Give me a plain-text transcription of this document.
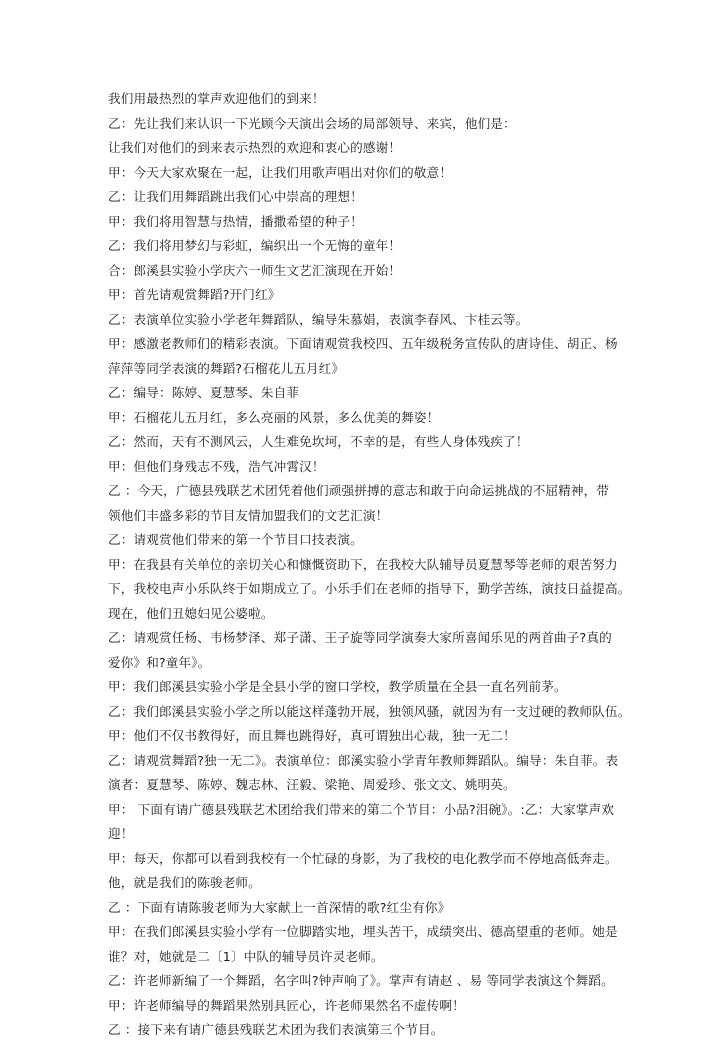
我们用最热烈的掌声欢迎他们的到来！
乙：先让我们来认识一下光顾今天演出会场的局部领导、来宾，他们是：
让我们对他们的到来表示热烈的欢迎和衷心的感谢！
甲：今天大家欢聚在一起，让我们用歌声唱出对你们的敬意！
乙：让我们用舞蹈跳出我们心中崇高的理想！
甲：我们将用智慧与热情，播撒希望的种子！
乙：我们将用梦幻与彩虹，编织出一个无悔的童年！
合：郎溪县实验小学庆六一师生文艺汇演现在开始！
甲：首先请观赏舞蹈?开门红》
乙：表演单位实验小学老年舞蹈队，编导朱慕娟，表演李春风、卞桂云等。
甲：感激老教师们的精彩表演。下面请观赏我校四、五年级税务宣传队的唐诗佳、胡正、杨
萍萍等同学表演的舞蹈?石榴花儿五月红》
乙：编导：陈婷、夏慧琴、朱自菲
甲：石榴花儿五月红，多么亮丽的风景，多么优美的舞姿！
乙：然而，天有不测风云，人生难免坎坷，不幸的是，有些人身体残疾了！
甲：但他们身残志不残，浩气冲霄汉！
乙 ：今天，广德县残联艺术团凭着他们顽强拼搏的意志和敢于向命运挑战的不屈精神，带
领他们丰盛多彩的节目友情加盟我们的文艺汇演！
乙：请观赏他们带来的第一个节目口技表演。
甲：在我县有关单位的亲切关心和慷慨资助下，在我校大队辅导员夏慧琴等老师的艰苦努力
下，我校电声小乐队终于如期成立了。小乐手们在老师的指导下，勤学苦练，演技日益提高。
现在，他们丑媳妇见公婆啦。
乙：请观赏任杨、韦杨梦泽、郑子潇、王子旋等同学演奏大家所喜闻乐见的两首曲子?真的
爱你》和?童年》。
甲：我们郎溪县实验小学是全县小学的窗口学校，教学质量在全县一直名列前茅。
乙：我们郎溪县实验小学之所以能这样蓬勃开展，独领风骚，就因为有一支过硬的教师队伍。
甲：他们不仅书教得好，而且舞也跳得好，真可谓独出心裁，独一无二！
乙：请观赏舞蹈?独一无二》。表演单位：郎溪实验小学青年教师舞蹈队。编导：朱自菲。表
演者：夏慧琴、陈婷、魏志林、汪毅、梁艳、周爱珍、张文文、姚明英。
甲： 下面有请广德县残联艺术团给我们带来的第二个节目：小品?泪碗》。:乙：大家掌声欢
迎！
甲：每天，你都可以看到我校有一个忙碌的身影，为了我校的电化教学而不停地高低奔走。
他，就是我们的陈骏老师。
乙 ：下面有请陈骏老师为大家献上一首深情的歌?红尘有你》
甲：在我们郎溪县实验小学有一位脚踏实地，埋头苦干，成绩突出、德高望重的老师。她是
谁？对，她就是二〔1〕中队的辅导员许灵老师。
乙：许老师新编了一个舞蹈，名字叫?钟声响了》。掌声有请赵 、易 等同学表演这个舞蹈。
甲：许老师编导的舞蹈果然别具匠心，许老师果然名不虚传啊！
乙 ：接下来有请广德县残联艺术团为我们表演第三个节目。
